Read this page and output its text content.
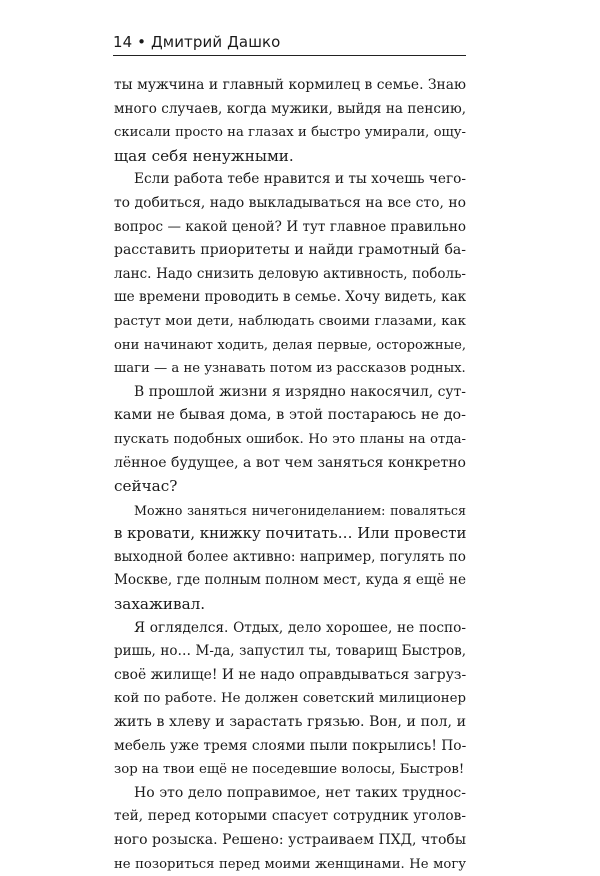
14 • Дмитрий Дашко
ты мужчина и главный кормилец в семье. Знаю
много случаев, когда мужики, выйдя на пенсию,
скисали просто на глазах и быстро умирали, ощу-
щая себя ненужными.
Если работа тебе нравится и ты хочешь чего-
то добиться, надо выкладываться на все сто, но
вопрос — какой ценой? И тут главное правильно
расставить приоритеты и найди грамотный ба-
ланс. Надо снизить деловую активность, поболь-
ше времени проводить в семье. Хочу видеть, как
растут мои дети, наблюдать своими глазами, как
они начинают ходить, делая первые, осторожные,
шаги — а не узнавать потом из рассказов родных.
В прошлой жизни я изрядно накосячил, сут-
ками не бывая дома, в этой постараюсь не до-
пускать подобных ошибок. Но это планы на отда-
лённое будущее, а вот чем заняться конкретно
сейчас?
Можно заняться ничегониделанием: поваляться
в кровати, книжку почитать… Или провести
выходной более активно: например, погулять по
Москве, где полным полном мест, куда я ещё не
захаживал.
Я огляделся. Отдых, дело хорошее, не поспо-
ришь, но… М-да, запустил ты, товарищ Быстров,
своё жилище! И не надо оправдываться загруз-
кой по работе. Не должен советский милиционер
жить в хлеву и зарастать грязью. Вон, и пол, и
мебель уже тремя слоями пыли покрылись! По-
зор на твои ещё не поседевшие волосы, Быстров!
Но это дело поправимое, нет таких труднос-
тей, перед которыми спасует сотрудник уголов-
ного розыска. Решено: устраиваем ПХД, чтобы
не позориться перед моими женщинами. Не могу
